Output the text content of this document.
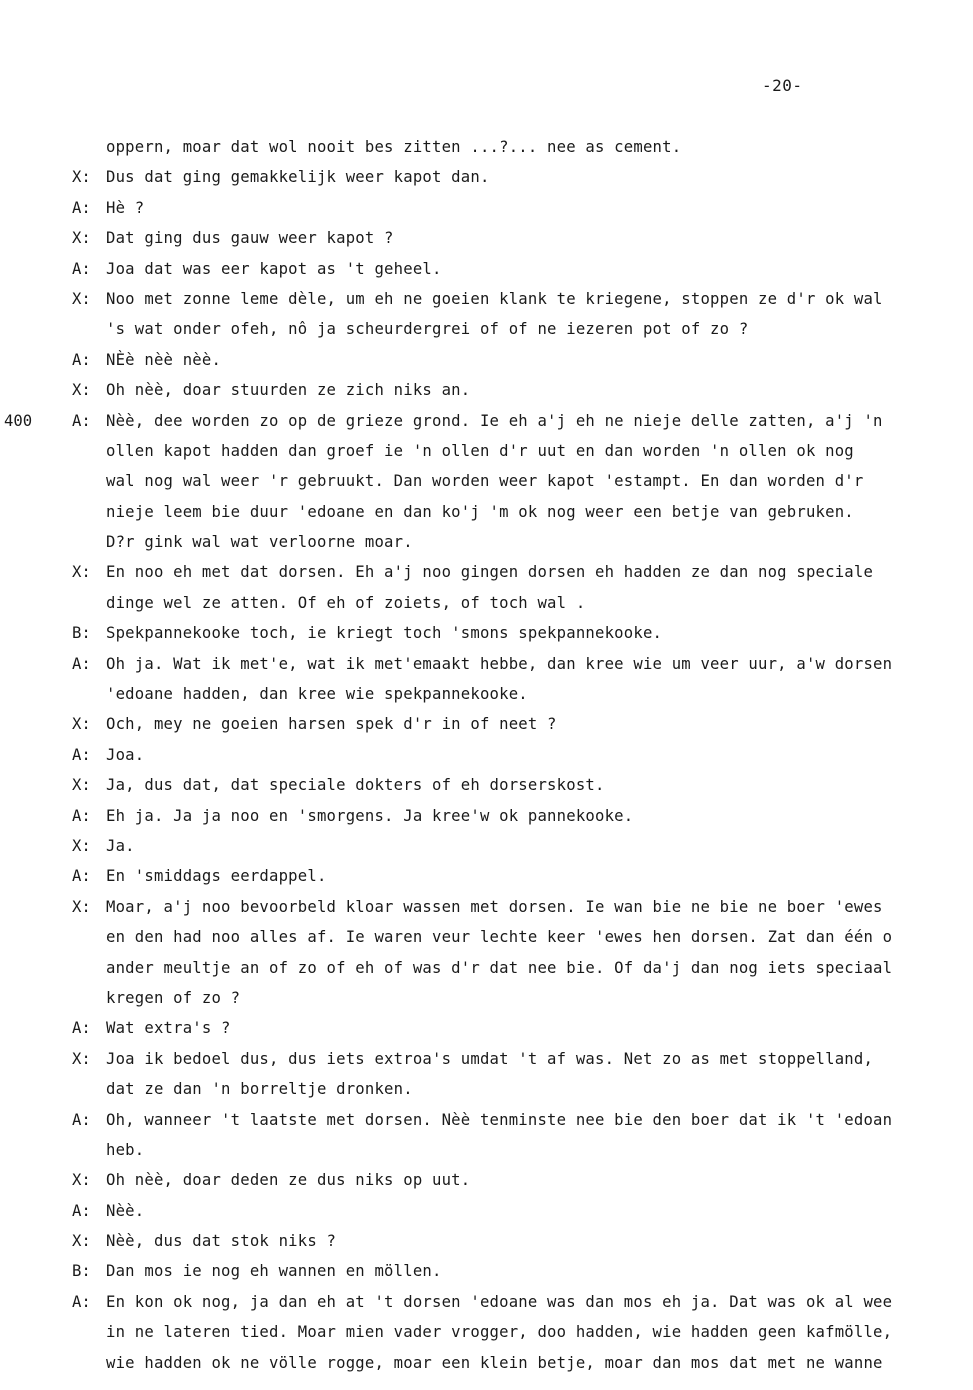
-20-
oppern, moar dat wol nooit bes zitten ...?... nee as cement.
X: Dus dat ging gemakkelijk weer kapot dan.
A: Hè ?
X: Dat ging dus gauw weer kapot ?
A: Joa dat was eer kapot as 't geheel.
X: Noo met zonne leme dèle, um eh ne goeien klank te kriegene, stoppen ze d'r ok wal
's wat onder ofeh, nô ja scheurdergrei of of ne iezeren pot of zo ?
A: NÈè nèè nèè.
X: Oh nèè, doar stuurden ze zich niks an.
400	A: Nèè, dee worden zo op de grieze grond. Ie eh a'j eh ne nieje delle zatten, a'j 'n
ollen kapot hadden dan groef ie 'n ollen d'r uut en dan worden 'n ollen ok nog
wal nog wal weer 'r gebruukt. Dan worden weer kapot 'estampt. En dan worden d'r
nieje leem bie duur 'edoane en dan ko'j 'm ok nog weer een betje van gebruken.
D?r gink wal wat verloorne moar.
X: En noo eh met dat dorsen. Eh a'j noo gingen dorsen eh hadden ze dan nog speciale
dinge wel ze atten. Of eh of zoiets, of toch wal .
B: Spekpannekooke toch, ie kriegt toch 'smons spekpannekooke.
A: Oh ja. Wat ik met'e, wat ik met'emaakt hebbe, dan kree wie um veer uur, a'w dorsen
'edoane hadden, dan kree wie spekpannekooke.
X: Och, mey ne goeien harsen spek d'r in of neet ?
A: Joa.
X: Ja, dus dat, dat speciale dokters of eh dorserskost.
A: Eh ja. Ja ja noo en 'smorgens. Ja kree'w ok pannekooke.
X: Ja.
A: En 'smiddags eerdappel.
X: Moar, a'j noo bevoorbeld kloar wassen met dorsen. Ie wan bie ne bie ne boer 'ewes
en den had noo alles af. Ie waren veur lechte keer 'ewes hen dorsen. Zat dan één o
ander meultje an of zo of eh of was d'r dat nee bie. Of da'j dan nog iets speciaal
kregen of zo ?
A: Wat extra's ?
X: Joa ik bedoel dus, dus iets extroa's umdat 't af was. Net zo as met stoppelland,
dat ze dan 'n borreltje dronken.
A: Oh, wanneer 't laatste met dorsen. Nèè tenminste nee bie den boer dat ik 't 'edoan
heb.
X: Oh nèè, doar deden ze dus niks op uut.
A: Nèè.
X: Nèè, dus dat stok niks ?
B: Dan mos ie nog eh wannen en möllen.
A: En kon ok nog, ja dan eh at 't dorsen 'edoane was dan mos eh ja. Dat was ok al wee
in ne lateren tied. Moar mien vader vrogger, doo hadden, wie hadden geen kafmölle,
wie hadden ok ne völle rogge, moar een klein betje, moar dan mos dat met ne wanne
